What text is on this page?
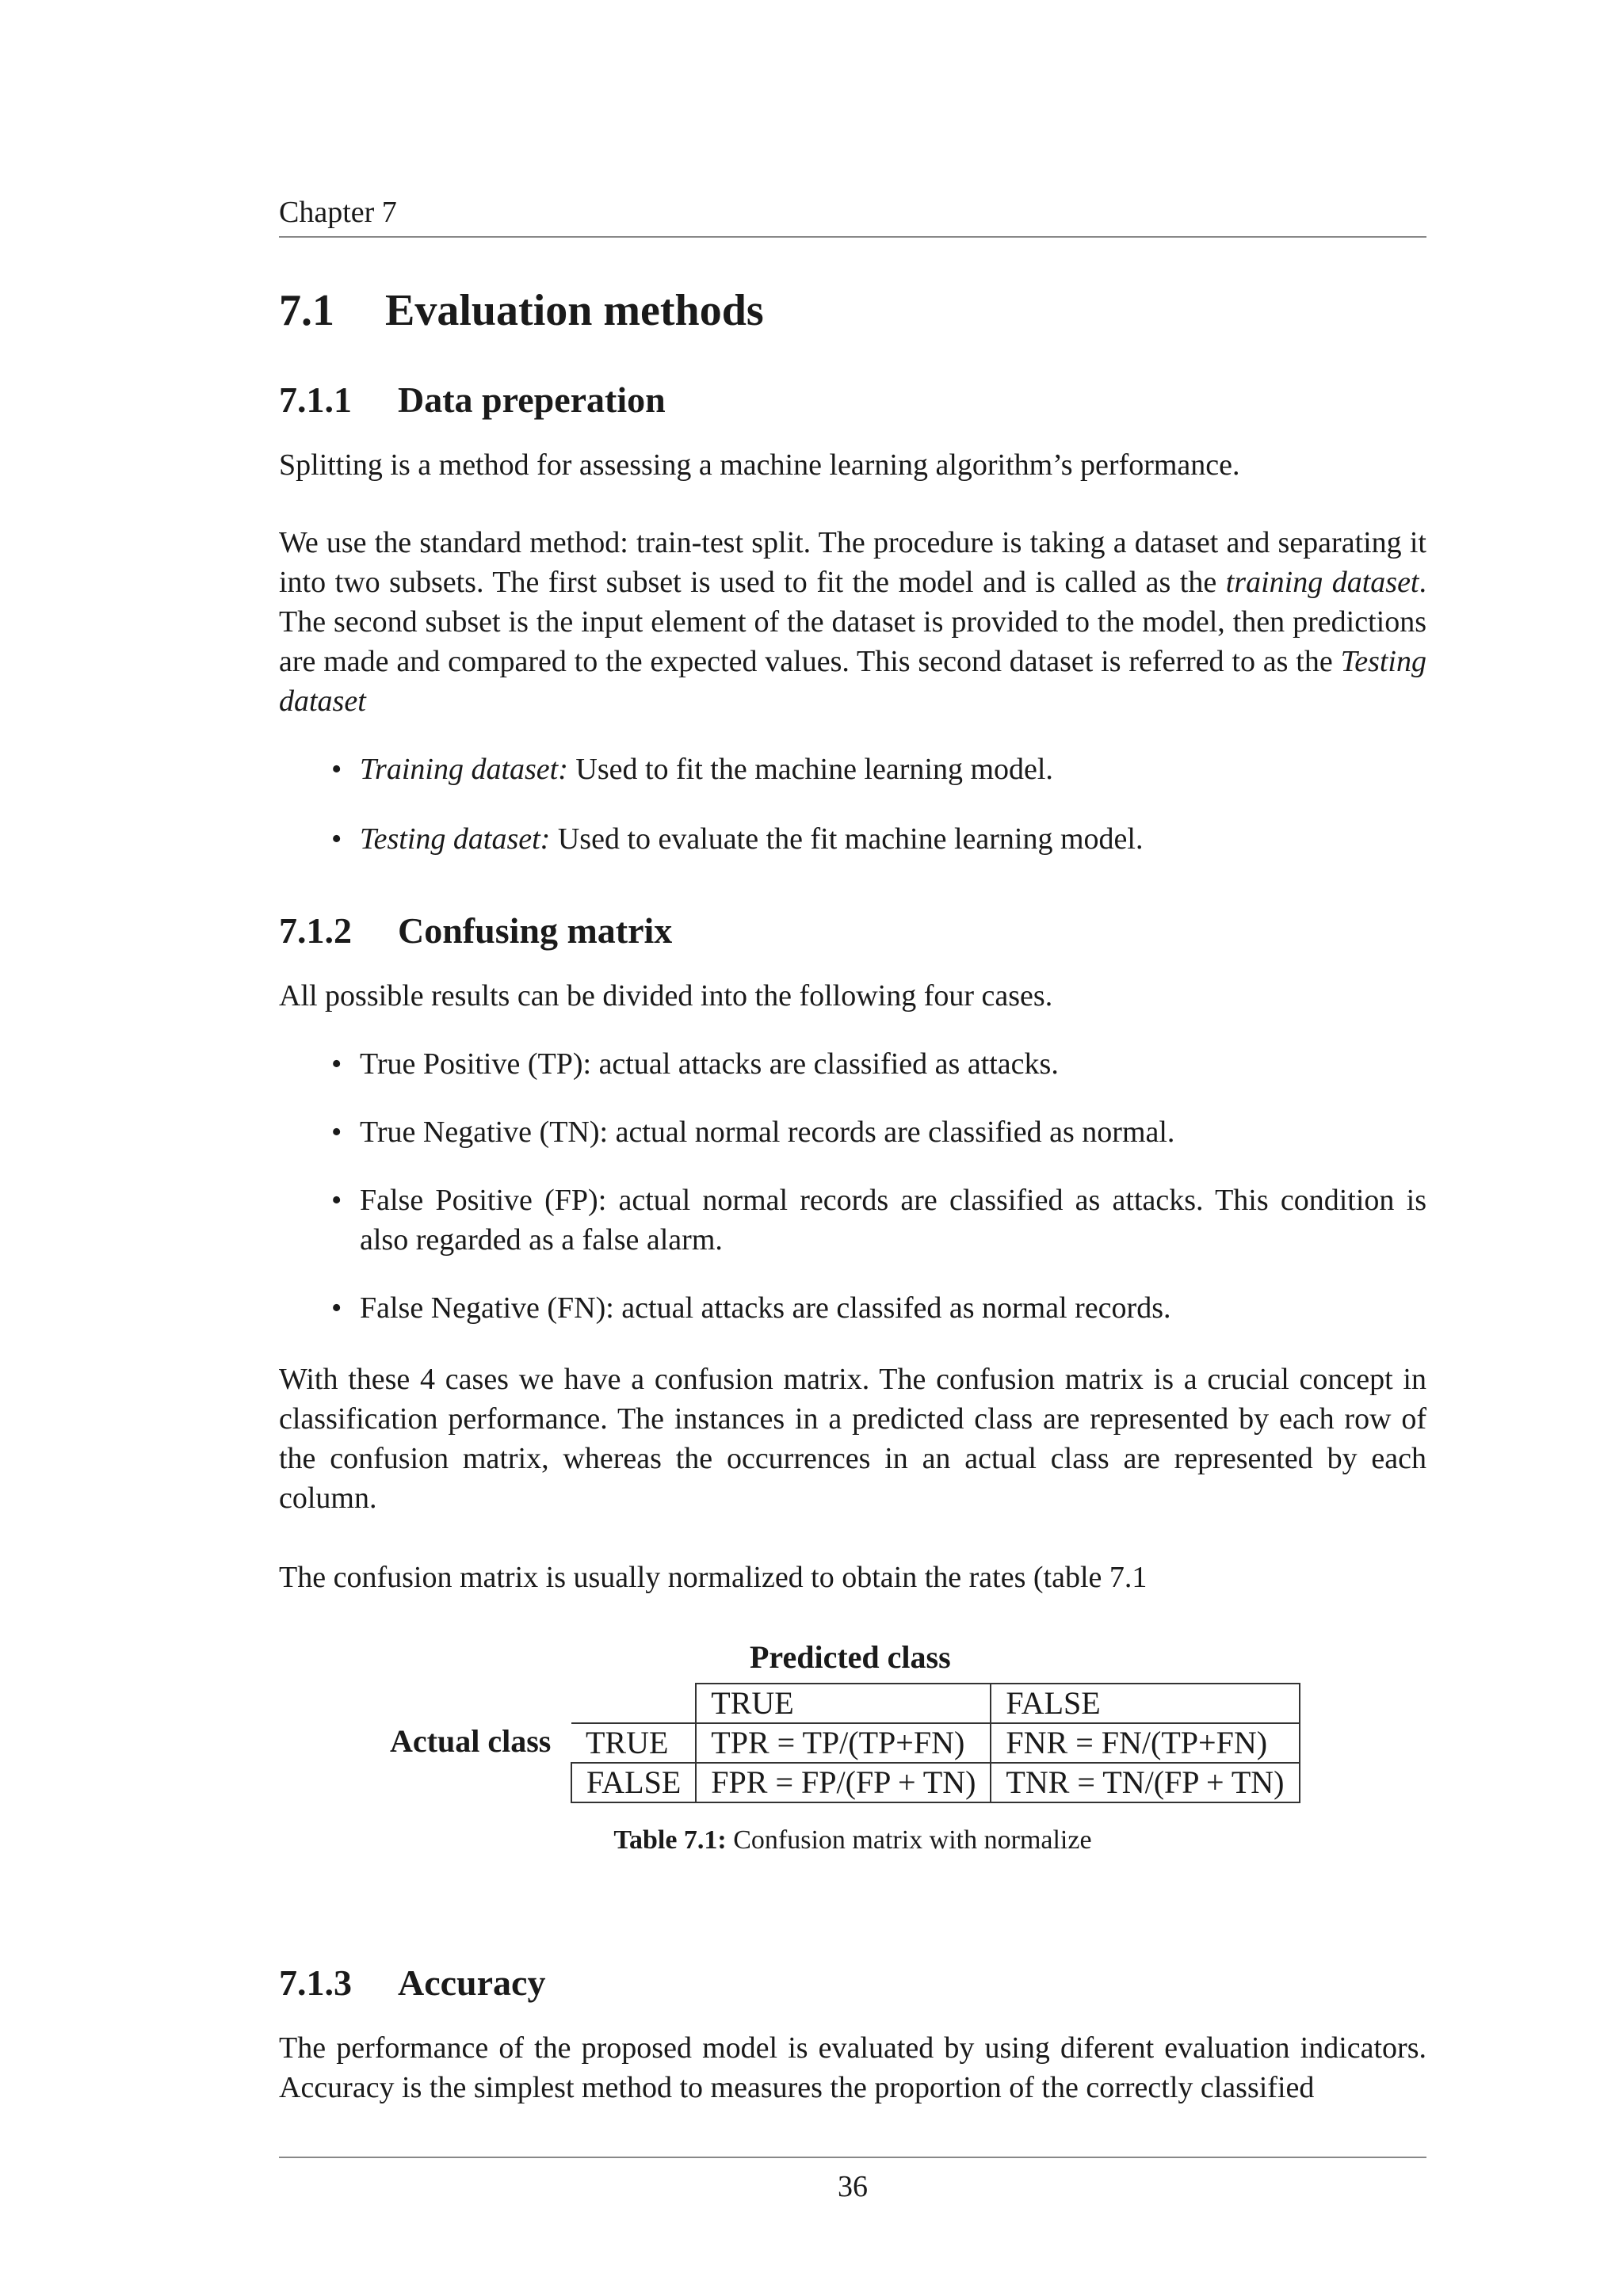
Chapter 7
7.1 Evaluation methods
7.1.1 Data preperation

Splitting is a method for assessing a machine learning algorithm’s performance.

We use the standard method: train-test split. The procedure is taking a dataset and separating it into two subsets. The first subset is used to fit the model and is called as the training dataset. The second subset is the input element of the dataset is provided to the model, then predictions are made and compared to the expected values. This second dataset is referred to as the Testing dataset

• Training dataset: Used to fit the machine learning model.
• Testing dataset: Used to evaluate the fit machine learning model.
7.1.2 Confusing matrix

All possible results can be divided into the following four cases.

• True Positive (TP): actual attacks are classified as attacks.
• True Negative (TN): actual normal records are classified as normal.
• False Positive (FP): actual normal records are classified as attacks. This condition is also regarded as a false alarm.
• False Negative (FN): actual attacks are classifed as normal records.

With these 4 cases we have a confusion matrix. The confusion matrix is a crucial concept in classification performance. The instances in a predicted class are represented by each row of the confusion matrix, whereas the occurrences in an actual class are represented by each column.

The confusion matrix is usually normalized to obtain the rates (table 7.1

Predicted class
Actual class
	TRUE	FALSE
TRUE	TPR = TP/(TP+FN)	FNR = FN/(TP+FN)
FALSE	FPR = FP/(FP + TN)	TNR = TN/(FP + TN)
Table 7.1: Confusion matrix with normalize
7.1.3 Accuracy

The performance of the proposed model is evaluated by using diferent evaluation indicators. Accuracy is the simplest method to measures the proportion of the correctly classified

36
